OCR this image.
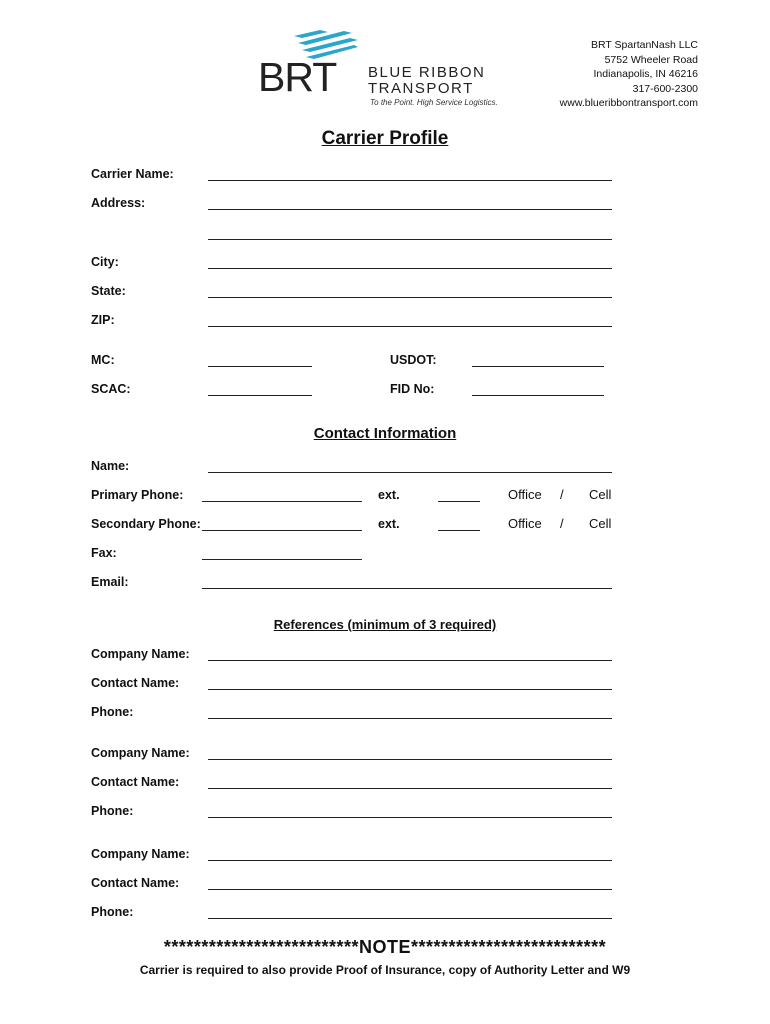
BRT BLUE RIBBON
TRANSPORT
To the Point. High Service Logistics.
BRT SpartanNash LLC
5752 Wheeler Road
Indianapolis, IN 46216
317-600-2300
www.blueribbontransport.com
Carrier Profile
Carrier Name:
Address:
City:
State:
ZIP:
MC:	USDOT:
SCAC:	FID No:
Contact Information
Name:
Primary Phone:	ext.	Office / Cell
Secondary Phone:	ext.	Office / Cell
Fax:
Email:
References (minimum of 3 required)
Company Name:
Contact Name:
Phone:
Company Name:
Contact Name:
Phone:
Company Name:
Contact Name:
Phone:
**************************NOTE**************************
Carrier is required to also provide Proof of Insurance, copy of Authority Letter and W9
